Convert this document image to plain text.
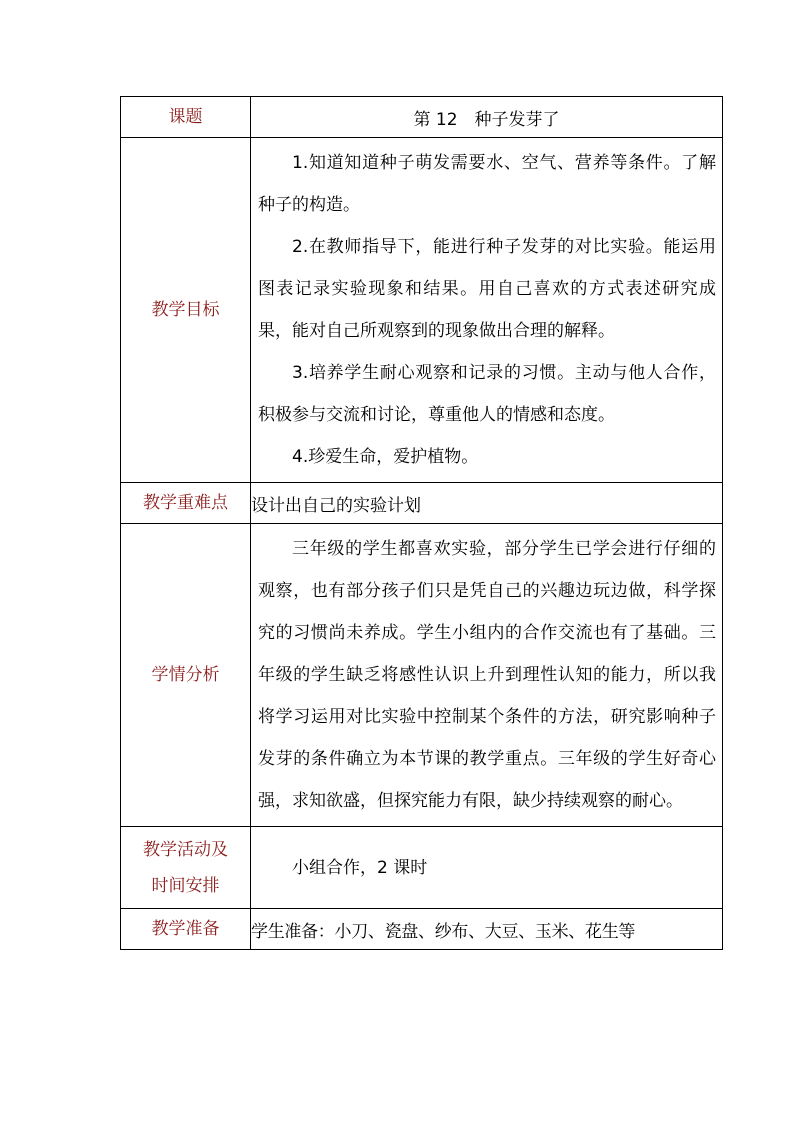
课题	第 12　种子发芽了
教学目标	1.知道知道种子萌发需要水、空气、营养等条件。了解种子的构造。

2.在教师指导下，能进行种子发芽的对比实验。能运用图表记录实验现象和结果。用自己喜欢的方式表述研究成果，能对自己所观察到的现象做出合理的解释。

3.培养学生耐心观察和记录的习惯。主动与他人合作，积极参与交流和讨论，尊重他人的情感和态度。

4.珍爱生命，爱护植物。

教学重难点	设计出自己的实验计划
学情分析	三年级的学生都喜欢实验，部分学生已学会进行仔细的观察，也有部分孩子们只是凭自己的兴趣边玩边做，科学探究的习惯尚未养成。学生小组内的合作交流也有了基础。三年级的学生缺乏将感性认识上升到理性认知的能力，所以我将学习运用对比实验中控制某个条件的方法，研究影响种子发芽的条件确立为本节课的教学重点。三年级的学生好奇心强，求知欲盛，但探究能力有限，缺少持续观察的耐心。

教学活动及
时间安排	小组合作，2 课时

教学准备	学生准备：小刀、瓷盘、纱布、大豆、玉米、花生等
